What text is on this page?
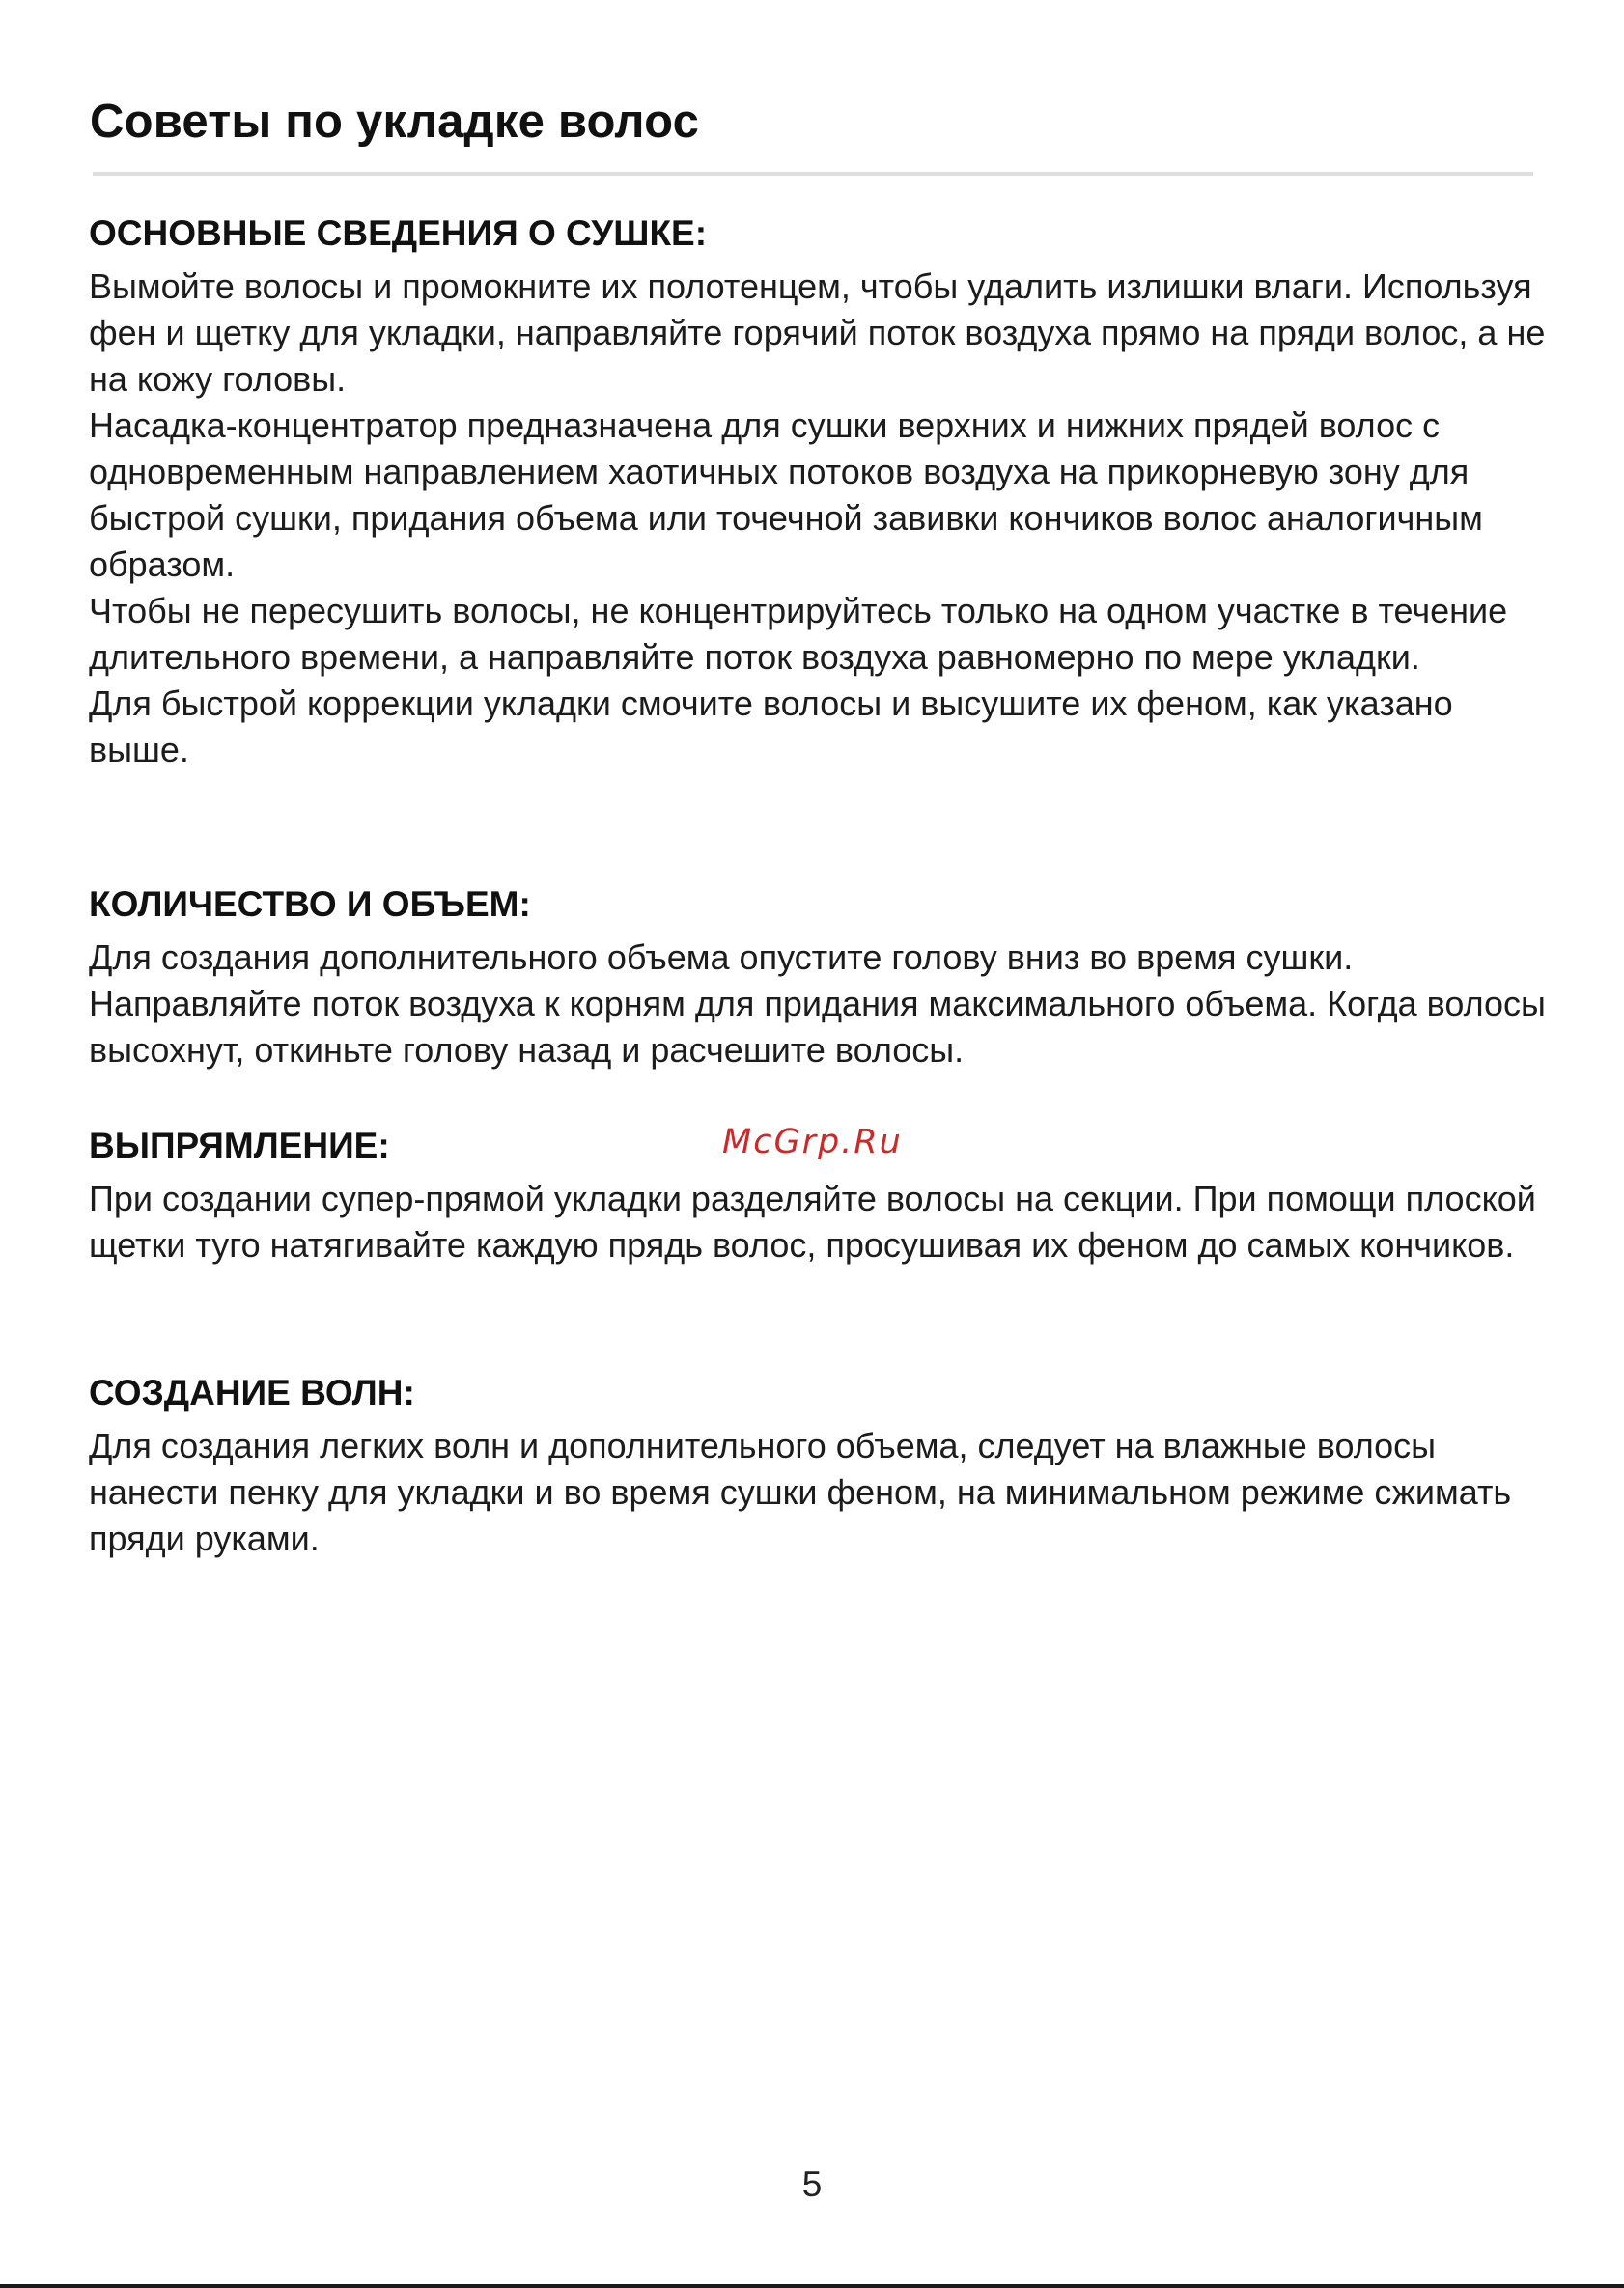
Советы по укладке волос
ОСНОВНЫЕ СВЕДЕНИЯ О СУШКЕ:

Вымойте волосы и промокните их полотенцем, чтобы удалить излишки влаги. Используя фен и щетку для укладки, направляйте горячий поток воздуха прямо на пряди волос, а не на кожу головы.

Насадка-концентратор предназначена для сушки верхних и нижних прядей волос с одновременным направлением хаотичных потоков воздуха на прикорневую зону для быстрой сушки, придания объема или точечной завивки кончиков волос аналогичным образом.

Чтобы не пересушить волосы, не концентрируйтесь только на одном участке в течение длительного времени, а направляйте поток воздуха равномерно по мере укладки.

Для быстрой коррекции укладки смочите волосы и высушите их феном, как указано выше.

КОЛИЧЕСТВО И ОБЪЕМ:

Для создания дополнительного объема опустите голову вниз во время сушки. Направляйте поток воздуха к корням для придания максимального объема. Когда волосы высохнут, откиньте голову назад и расчешите волосы.

ВЫПРЯМЛЕНИЕ:

При создании супер-прямой укладки разделяйте волосы на секции. При помощи плоской щетки туго натягивайте каждую прядь волос, просушивая их феном до самых кончиков.

McGrp.Ru
СОЗДАНИЕ ВОЛН:

Для создания легких волн и дополнительного объема, следует на влажные волосы нанести пенку для укладки и во время сушки феном, на минимальном режиме сжимать пряди руками.

5
